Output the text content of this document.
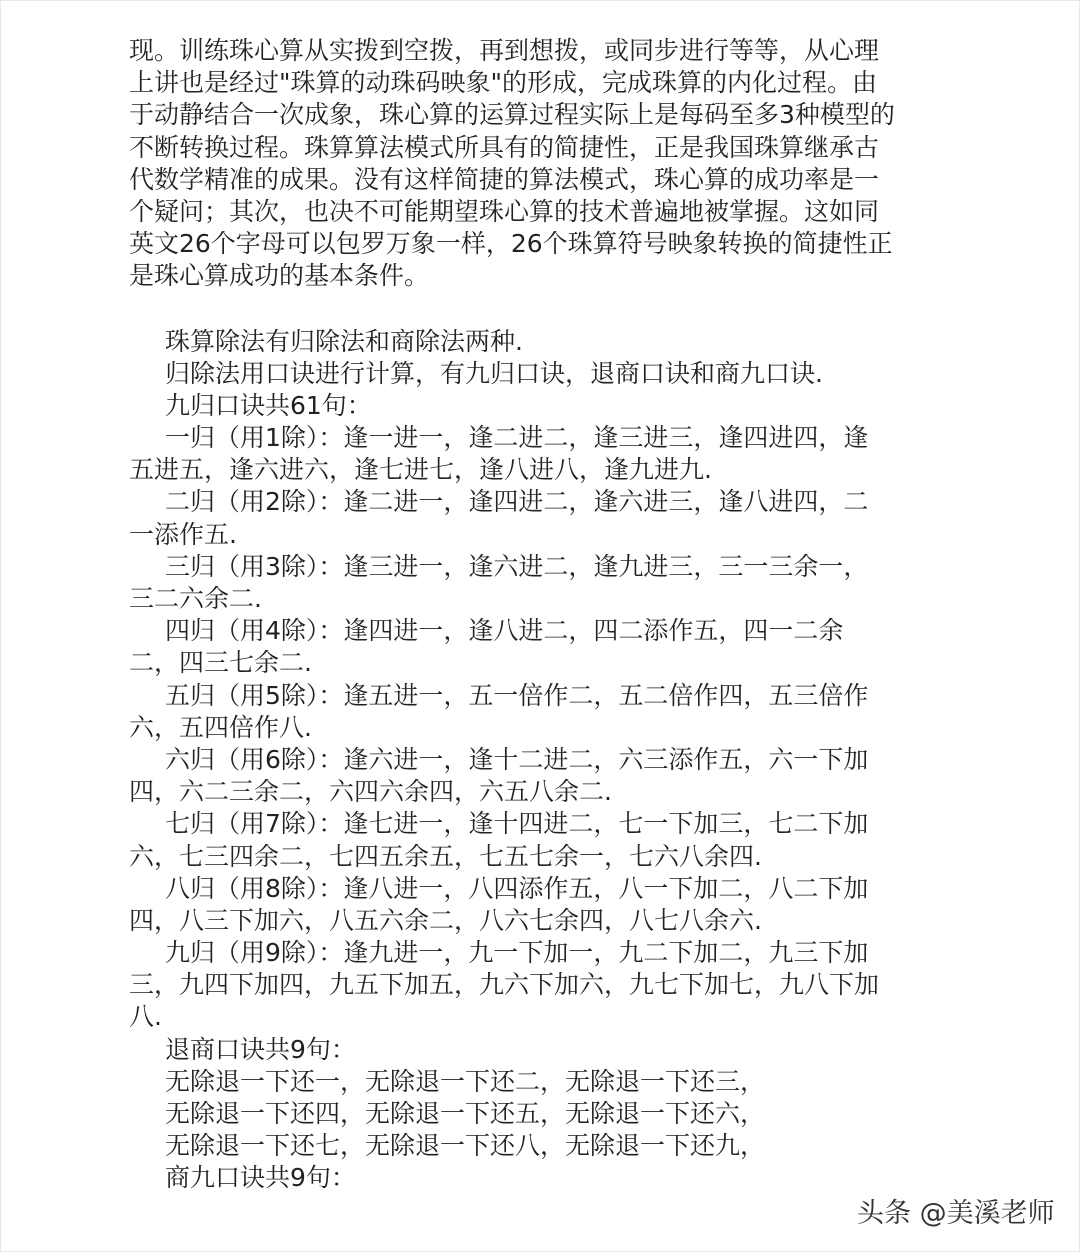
现。训练珠心算从实拨到空拨，再到想拨，或同步进行等等，从心理
上讲也是经过"珠算的动珠码映象"的形成，完成珠算的内化过程。由
于动静结合一次成象，珠心算的运算过程实际上是每码至多3种模型的
不断转换过程。珠算算法模式所具有的简捷性，正是我国珠算继承古
代数学精准的成果。没有这样简捷的算法模式，珠心算的成功率是一
个疑问；其次，也决不可能期望珠心算的技术普遍地被掌握。这如同
英文26个字母可以包罗万象一样，26个珠算符号映象转换的简捷性正
是珠心算成功的基本条件。
珠算除法有归除法和商除法两种.
归除法用口诀进行计算，有九归口诀，退商口诀和商九口诀.
九归口诀共61句：
一归（用1除）：逢一进一，逢二进二，逢三进三，逢四进四，逢
五进五，逢六进六，逢七进七，逢八进八，逢九进九.
二归（用2除）：逢二进一，逢四进二，逢六进三，逢八进四，二
一添作五.
三归（用3除）：逢三进一，逢六进二，逢九进三，三一三余一，
三二六余二.
四归（用4除）：逢四进一，逢八进二，四二添作五，四一二余
二，四三七余二.
五归（用5除）：逢五进一，五一倍作二，五二倍作四，五三倍作
六，五四倍作八.
六归（用6除）：逢六进一，逢十二进二，六三添作五，六一下加
四，六二三余二，六四六余四，六五八余二.
七归（用7除）：逢七进一，逢十四进二，七一下加三，七二下加
六，七三四余二，七四五余五，七五七余一，七六八余四.
八归（用8除）：逢八进一，八四添作五，八一下加二，八二下加
四，八三下加六，八五六余二，八六七余四，八七八余六.
九归（用9除）：逢九进一，九一下加一，九二下加二，九三下加
三，九四下加四，九五下加五，九六下加六，九七下加七，九八下加
八.
退商口诀共9句：
无除退一下还一，无除退一下还二，无除退一下还三，
无除退一下还四，无除退一下还五，无除退一下还六，
无除退一下还七，无除退一下还八，无除退一下还九，
商九口诀共9句：
头条 @美溪老师
